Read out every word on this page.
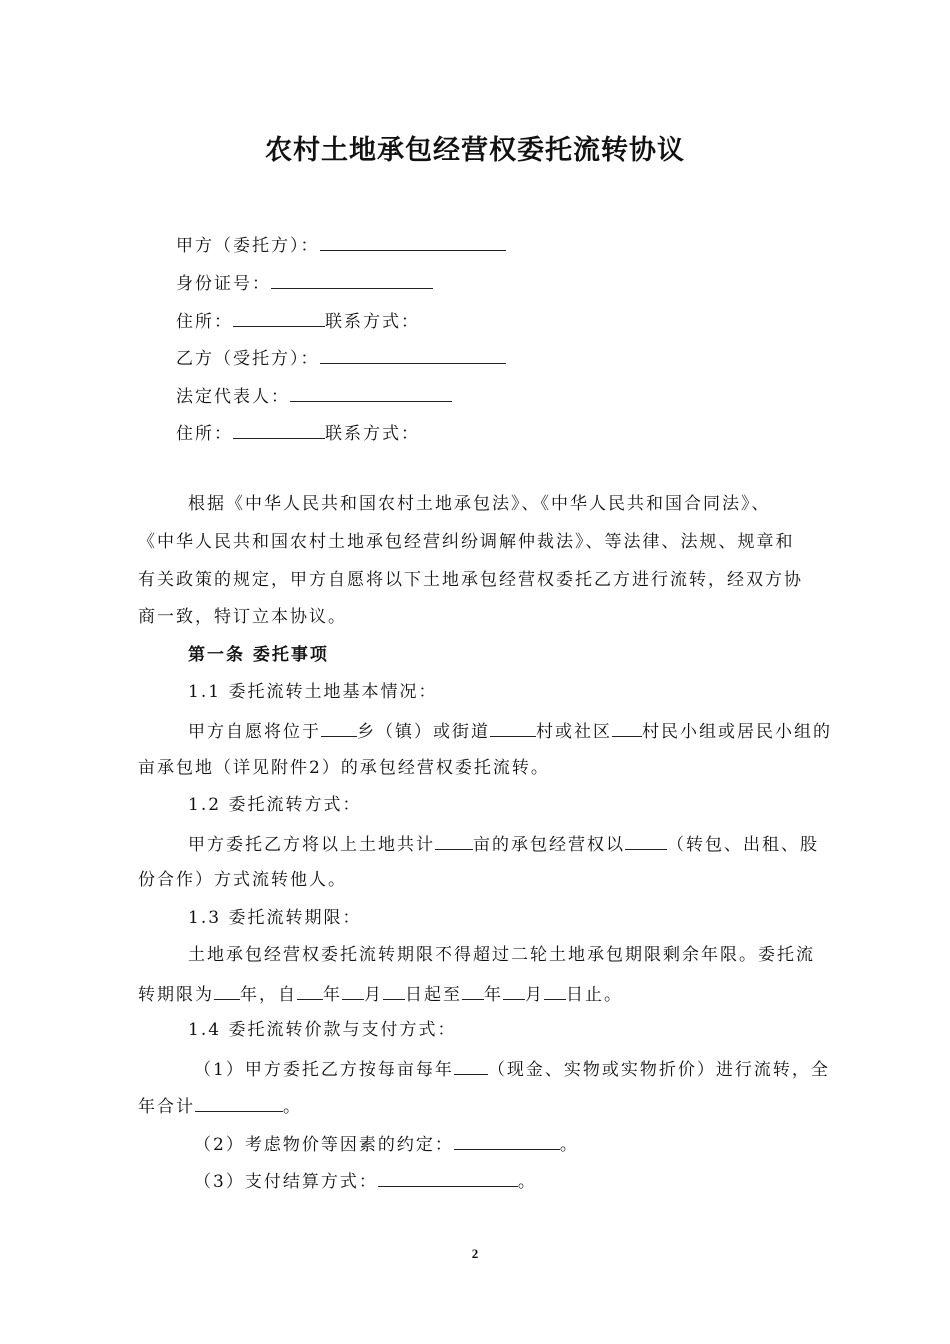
农村土地承包经营权委托流转协议
甲方（委托方）：
身份证号：
住所：	联系方式：
乙方（受托方）：
法定代表人：
住所：	联系方式：
根据《中华人民共和国农村土地承包法》、《中华人民共和国合同法》、
《中华人民共和国农村土地承包经营纠纷调解仲裁法》、等法律、法规、规章和
有关政策的规定，甲方自愿将以下土地承包经营权委托乙方进行流转，经双方协
商一致，特订立本协议。
第一条 委托事项
1.1 委托流转土地基本情况：
甲方自愿将位于 乡（镇）或街道	村或社区 村民小组或居民小组的
亩承包地（详见附件2）的承包经营权委托流转。
1.2 委托流转方式：
甲方委托乙方将以上土地共计 亩的承包经营权以 （转包、出租、股
份合作）方式流转他人。
1.3 委托流转期限：
土地承包经营权委托流转期限不得超过二轮土地承包期限剩余年限。委托流
转期限为 年，自 年 月 日起至 年 月 日止。
1.4 委托流转价款与支付方式：
（1）甲方委托乙方按每亩每年 （现金、实物或实物折价）进行流转，全
年合计	。
（2）考虑物价等因素的约定：	。
（3）支付结算方式：	。
2
